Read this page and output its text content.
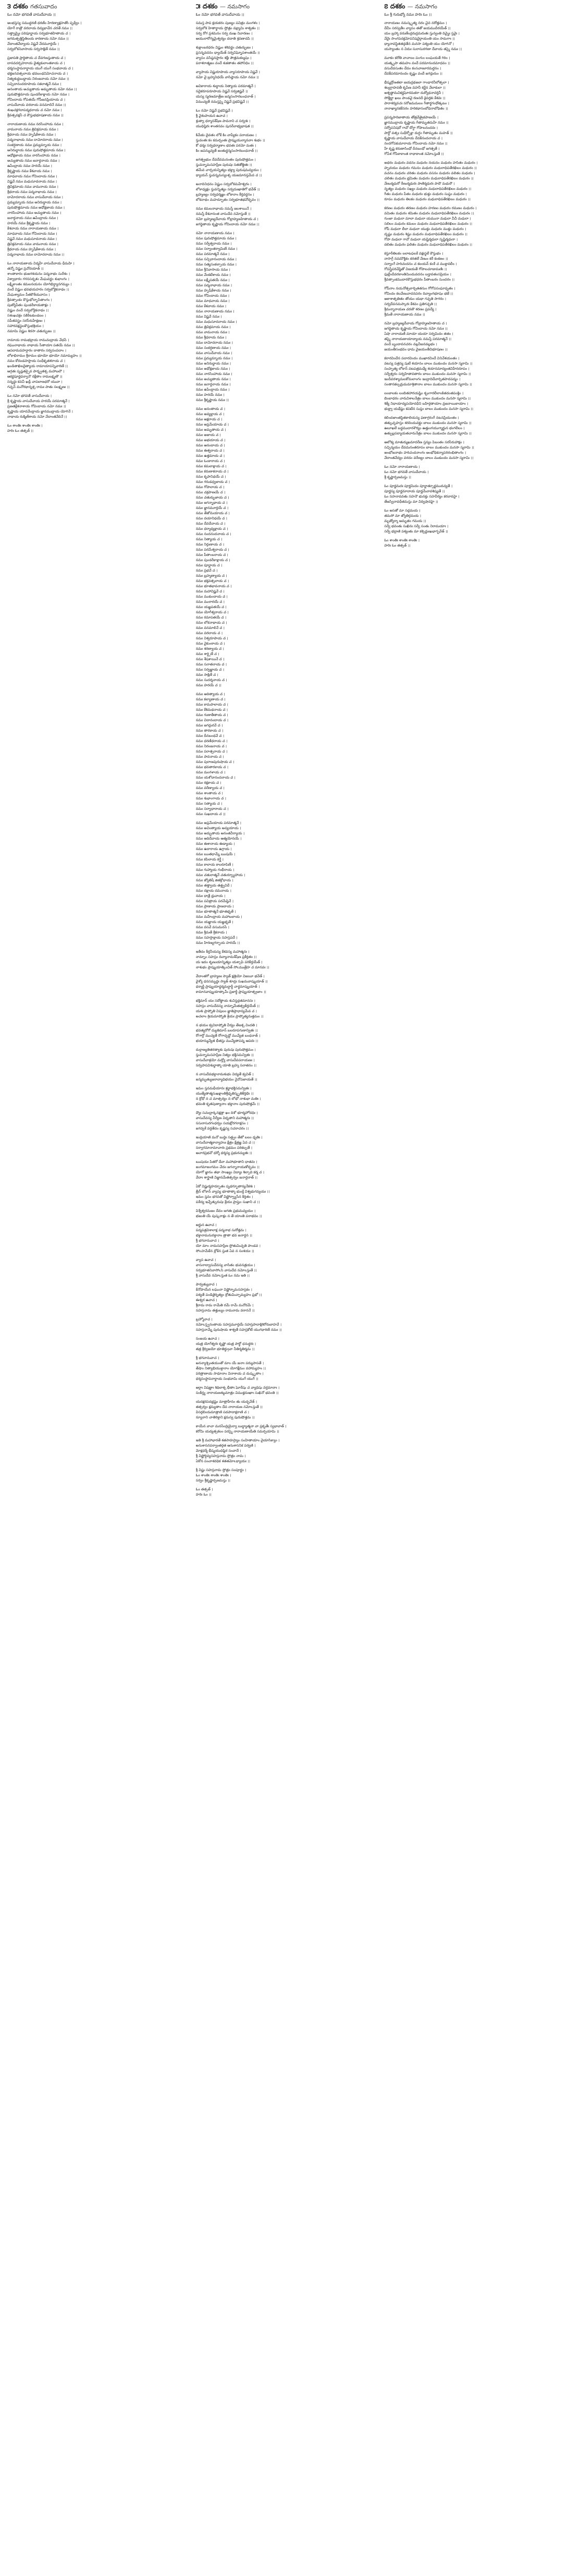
౩ దశకం గతసువాదం
ఓం నమో భగవతే వాసుదేవాయ ।।
అంభస్తస్య సముద్ధరణీ ధరణీం హిరణ్యాక్షహతోం పృథ్వీం ।
యోగే రాత్రౌ వరదాయ దివ్యభావేన చరతే నమః ।।
సత్త్వాద్యైః పరిపూర్ణాయ సర్వభూతహితాయ చ ।
జగదుత్పత్తిస్థితిలయ కారణాయ నమో నమః ।।
వేదాంతవేద్యాయ విష్ణవే వేదమూర్తయే ।
సర్వలోకనివాసాయ సర్వసాక్షిణే నమః ।।
ప్రజాపతి ప్రార్థితాయ చ దేవగణస్తుతాయ చ ।
దానవదర్పహరాయ దైత్యకులాంతకాయ చ ।
ధర్మసంస్థాపనార్థాయ యుగే యుగే సంభవాయ చ ।
భక్తజనవత్సలాయ భవబంధవిమోచనాయ చ ।
నిత్యశుద్ధబుద్ధాయ నిరంజనాయ నమో నమః ।।
సచ్చిదానందరూపాయ సకలాత్మనే నమః ।
అనంతాయ అచ్యుతాయ అమృతాయ నమో నమః ।।
పురుషోత్తమాయ పుండరీకాక్షాయ నమో నమః ।
గోవిందాయ గోపతయే గోపీజనప్రియాయ చ ।
వాసుదేవాయ వరదాయ వనమాలినే నమః ।।
శంఖచక్రగదాపద్మధరాయ చ నమో నమః ।
శ్రీవత్సవక్షసే చ కౌస్తుభభూషణాయ నమః ।।
నారాయణాయ నమః నరసింహాయ నమః ।
వామనాయ నమః త్రివిక్రమాయ నమః ।
శ్రీధరాయ నమః హృషీకేశాయ నమః ।
పద్మనాభాయ నమః దామోదరాయ నమః ।
సంకర్షణాయ నమః ప్రద్యుమ్నాయ నమః ।
అనిరుద్ధాయ నమః పురుషోత్తమాయ నమః ।
అధోక్షజాయ నమః నారసింహాయ నమః ।
అచ్యుతాయ నమః జనార్దనాయ నమః ।
ఉపేంద్రాయ నమః హరయే నమః ।
శ్రీకృష్ణాయ నమః కేశవాయ నమః ।
మాధవాయ నమః గోవిందాయ నమః ।
విష్ణవే నమః మధుసూదనాయ నమః ।
త్రివిక్రమాయ నమః వామనాయ నమః ।
శ్రీధరాయ నమః పద్మనాభాయ నమః ।
దామోదరాయ నమః వాసుదేవాయ నమః ।
ప్రద్యుమ్నాయ నమః అనిరుద్ధాయ నమః ।
పురుషోత్తమాయ నమః అధోక్షజాయ నమః ।
నారసింహాయ నమః అచ్యుతాయ నమః ।
జనార్దనాయ నమః ఉపేంద్రాయ నమః ।
హరయే నమః శ్రీకృష్ణాయ నమః ।
కేశవాయ నమః నారాయణాయ నమః ।
మాధవాయ నమః గోవిందాయ నమః ।
విష్ణవే నమః మధుసూదనాయ నమః ।
త్రివిక్రమాయ నమః వామనాయ నమః ।
శ్రీధరాయ నమః హృషీకేశాయ నమః ।
పద్మనాభాయ నమః దామోదరాయ నమః ।।
ఓం నారాయణాయ విద్మహే వాసుదేవాయ ధీమహి ।
తన్నో విష్ణుః ప్రచోదయాత్ ।।
శాంతాకారం భుజగశయనం పద్మనాభం సురేశం ।
విశ్వాధారం గగనసదృశం మేఘవర్ణం శుభాంగం ।
లక్ష్మీకాంతం కమలనయనం యోగిభిర్ధ్యానగమ్యం ।
వందే విష్ణుం భవభయహరం సర్వలోకైకనాథం ।।
మేఘశ్యామం పీతకౌశేయవాసం ।
శ్రీవత్సాంకం కౌస్తుభోద్భాసితాంగం ।
పుణ్యోపేతం పుండరీకాయతాక్షం ।
విష్ణుం వందే సర్వలోకైకనాథం ।।
సశంఖచక్రం సకిరీటకుండలం ।
సపీతవస్త్రం సరసీరుహేక్షణం ।
సహారవక్షస్థలకౌస్తుభశ్రియం ।
నమామి విష్ణుం శిరసా చతుర్భుజం ।।
రామాయ రామభద్రాయ రామచంద్రాయ వేధసే ।
రఘునాథాయ నాథాయ సీతాయాః పతయే నమః ।।
ఆపదామపహర్తారం దాతారం సర్వసంపదాం ।
లోకాభిరామం శ్రీరామం భూయో భూయో నమామ్యహం ।।
నమః కోదండహస్తాయ సంధీకృతశరాయ చ ।
ఖండితాఖిలదైత్యాయ రామాయాపన్నివారిణే ।।
అగ్రతః పృష్ఠతశ్చైవ పార్శ్వతశ్చ మహాబలౌ ।
ఆకర్ణపూర్ణధన్వానౌ రక్షేతాం రామలక్ష్మణౌ ।।
సన్నద్ధః కవచీ ఖడ్గీ చాపబాణధరో యువా ।
గచ్ఛన్ మనోరథాన్నశ్చ రామః పాతు సలక్ష్మణః ।।
ఓం నమో భగవతే వాసుదేవాయ ।
శ్రీ కృష్ణాయ వాసుదేవాయ హరయే పరమాత్మనే ।
ప్రణతక్లేశనాశాయ గోవిందాయ నమో నమః ।।
కృష్ణాయ యాదవేంద్రాయ జ్ఞానముద్రాయ యోగినే ।
నాథాయ రుక్మిణీశాయ నమో వేదాంతవేదినే ।।
ఓం శాంతిః శాంతిః శాంతిః ।
హరిః ఓం తత్సత్ ।।
౫ దశకం — నమసాగం
ఓం నమో భగవతే వాసుదేవాయ ।।
సమస్త పాప క్షయకరం పుణ్యం పవిత్రం మంగళం ।
సర్వలోక హితార్థాయ స్తోత్రం వక్ష్యామి శాశ్వతం ।।
సర్వ రోగ ప్రశమనం సర్వ దుఃఖ నివారణం ।
ఆయురారోగ్యమైశ్వర్యం దదాతి శ్రవణాదపి ।।
శుక్లాంబరధరం విష్ణుం శశివర్ణం చతుర్భుజం ।
ప్రసన్నవదనం ధ్యాయేత్ సర్వవిఘ్నోపశాంతయే ।।
వ్యాసం వసిష్ఠనప్తారం శక్తేః పౌత్రమకల్మషం ।
పరాశరాత్మజం వందే శుకతాతం తపోనిధిం ।।
వ్యాసాయ విష్ణురూపాయ వ్యాసరూపాయ విష్ణవే ।
నమో వై బ్రహ్మనిధయే వాసిష్ఠాయ నమో నమః ।।
అవికారాయ శుద్ధాయ నిత్యాయ పరమాత్మనే ।
సదైకరూపరూపాయ విష్ణవే సర్వజిష్ణవే ।।
యస్య స్మరణమాత్రేణ జన్మసంసారబంధనాత్ ।
విముచ్యతే నమస్తస్మై విష్ణవే ప్రభవిష్ణవే ।।
ఓం నమో విష్ణవే ప్రభవిష్ణవే ।
శ్రీ వైశంపాయన ఉవాచ ।
శ్రుత్వా ధర్మానశేషేణ పావనాని చ సర్వశః ।
యుధిష్ఠిరః శాంతనవం పునరేవాభ్యభాషత ।।
కిమేకం దైవతం లోకే కిం వాప్యేకం పరాయణం ।
స్తువంతః కం కమర్చంతః ప్రాప్నుయుర్మానవాః శుభం ।।
కో ధర్మః సర్వధర్మాణాం భవతః పరమో మతః ।
కిం జపన్ముచ్యతే జంతుర్జన్మసంసారబంధనాత్ ।।
జగత్ప్రభుం దేవదేవమనంతం పురుషోత్తమం ।
స్తువన్నామసహస్రేణ పురుషః సతతోత్థితః ।।
తమేవ చార్చయన్నిత్యం భక్త్యా పురుషమవ్యయం ।
ధ్యాయన్ స్తువన్నమస్యంశ్చ యజమానస్తమేవ చ ।।
అనాదినిధనం విష్ణుం సర్వలోకమహేశ్వరం ।
లోకాధ్యక్షం స్తువన్నిత్యం సర్వదుఃఖాతిగో భవేత్ ।।
బ్రహ్మణ్యం సర్వధర్మజ్ఞం లోకానాం కీర్తివర్ధనం ।
లోకనాథం మహద్భూతం సర్వభూతభవోద్భవం ।।
నమః కమలనాభాయ నమస్తే జలశాయినే ।
నమస్తే కేశవానంత వాసుదేవ నమోస్తుతే ।।
నమో బ్రహ్మణ్యదేవాయ గోబ్రాహ్మణహితాయ చ ।
జగద్ధితాయ కృష్ణాయ గోవిందాయ నమో నమః ।।
నమో నారాయణాయ నమః ।
నమః పురుషోత్తమాయ నమః ।
నమః సర్వేశ్వరాయ నమః ।
నమః సర్వాంతర్యామిణే నమః ।
నమః పరమాత్మనే నమః ।
నమః సచ్చిదానందాయ నమః ।
నమః సత్యసంకల్పాయ నమః ।
నమః శ్రీనివాసాయ నమః ।
నమః వేంకటేశాయ నమః ।
నమః లక్ష్మీపతయే నమః ।
నమః పద్మనాభాయ నమః ।
నమః హృషీకేశాయ నమః ।
నమః గోవిందాయ నమః ।
నమః మాధవాయ నమః ।
నమః కేశవాయ నమః ।
నమః నారాయణాయ నమః ।
నమః విష్ణవే నమః ।
నమః మధుసూదనాయ నమః ।
నమః త్రివిక్రమాయ నమః ।
నమః వామనాయ నమః ।
నమః శ్రీధరాయ నమః ।
నమః దామోదరాయ నమః ।
నమః సంకర్షణాయ నమః ।
నమః వాసుదేవాయ నమః ।
నమః ప్రద్యుమ్నాయ నమః ।
నమః అనిరుద్ధాయ నమః ।
నమః అధోక్షజాయ నమః ।
నమః నారసింహాయ నమః ।
నమః అచ్యుతాయ నమః ।
నమః జనార్దనాయ నమః ।
నమః ఉపేంద్రాయ నమః ।
నమః హరయే నమః ।
నమః శ్రీకృష్ణాయ నమః ।।
నమః అనంతాయ చ ।
నమః అవ్యక్తాయ చ ।
నమః అక్షరాయ చ ।
నమః అప్రమేయాయ చ ।
నమః అమృతాయ చ ।
నమః అజాయ చ ।
నమః అభయాయ చ ।
నమః ఆనందాయ చ ।
నమః ఈశ్వరాయ చ ।
నమః ఉత్తమాయ చ ।
నమః ఓంకారాయ చ ।
నమః కమలాక్షాయ చ ।
నమః కరుణాకరాయ చ ।
నమః కృపానిధయే చ ।
నమః గరుడధ్వజాయ చ ।
నమః గోపాలాయ చ ।
నమః చక్రపాణయే చ ।
నమః చతుర్భుజాయ చ ।
నమః జగన్నాథాయ చ ।
నమః జ్ఞానమూర్తయే చ ।
నమః తేజోమయాయ చ ।
నమః దయానిధయే చ ।
నమః దేవదేవాయ చ ।
నమః ధర్మాధ్యక్షాయ చ ।
నమః నందనందనాయ చ ।
నమః నిత్యాయ చ ।
నమః నిర్గుణాయ చ ।
నమః పరమేశ్వరాయ చ ।
నమః పీతాంబరాయ చ ।
నమః పుండరీకాక్షాయ చ ।
నమః పూర్ణాయ చ ।
నమః ప్రభవే చ ।
నమః బ్రహ్మణ్యాయ చ ।
నమః భక్తవత్సలాయ చ ।
నమః భూతభావనాయ చ ।
నమః మహావిష్ణవే చ ।
నమః ముకుందాయ చ ।
నమః మురారయే చ ।
నమః యజ్ఞపతయే చ ।
నమః యోగీశ్వరాయ చ ।
నమః రమాపతయే చ ।
నమః లోకనాథాయ చ ।
నమః వనమాలినే చ ।
నమః వరదాయ చ ।
నమః విశ్వరూపాయ చ ।
నమః వైకుంఠాయ చ ।
నమః శరణ్యాయ చ ।
నమః శార్ఙ్గిణే చ ।
నమః శేషశాయినే చ ।
నమః సనాతనాయ చ ।
నమః సర్వజ్ఞాయ చ ।
నమః సాక్షిణే చ ।
నమః సుదర్శనాయ చ ।
నమః హరయే చ ।।
నమః ఆదిత్యాయ చ ।
నమః కల్యాణాయ చ ।
నమః కామపాలాయ చ ।
నమః కేశిమథనాయ చ ।
నమః గుణాతీతాయ చ ।
నమః చిదానందాయ చ ।
నమః జగద్గురవే చ ।
నమః తారకాయ చ ।
నమః దీనబంధవే చ ।
నమః ధరణీధరాయ చ ।
నమః నిరంజనాయ చ ।
నమః పరాత్పరాయ చ ।
నమః పావనాయ చ ।
నమః పురాణపురుషాయ చ ।
నమః భవతారకాయ చ ।
నమః మంగళాయ చ ।
నమః యశోదానందనాయ చ ।
నమః రక్షకాయ చ ।
నమః వరేణ్యాయ చ ।
నమః శాంతాయ చ ।
నమః శుభాంగాయ చ ।
నమః సత్యాయ చ ।
నమః సర్వాధారాయ చ ।
నమః సుఖదాయ చ ।।
నమః అప్రమేయాయ పరమాత్మనే ।
నమః అచింత్యాయ అవ్యయాయ ।
నమః అద్భుతాయ అనంతవీర్యాయ ।
నమః ఆదిదేవాయ ఆత్మయోనయే ।
నమః ఈశానాయ ఈడ్యాయ ।
నమః ఉదారాయ ఉగ్రాయ ।
నమః ఋతధామ్నే ఋషయే ।
నమః కపిలాయ కర్త్రే ।
నమః కాలాయ కాలరూపిణే ।
నమః గుహ్యాయ గంభీరాయ ।
నమః చతురాత్మనే చతుర్వ్యూహాయ ।
నమః జ్యోతిషే జితక్రోధాయ ।
నమః తత్త్వాయ తత్త్వవిదే ।
నమః దక్షాయ దమనాయ ।
నమః ధాత్రే ధ్రువాయ ।
నమః పవిత్రాయ పరమేష్ఠినే ।
నమః ప్రాణాయ ప్రాణదాయ ।
నమః భూతాత్మనే భూతభృతే ।
నమః మహేంద్రాయ మహాబలాయ ।
నమః యజ్ఞాయ యజ్ఞభృతే ।
నమః వసవే వసుమనసే ।
నమః శ్రీమతే శ్రీకరాయ ।
నమః సహస్రాక్షాయ సహస్రపదే ।
నమః హిరణ్యగర్భాయ హరయే ।।
ఇతీదం కీర్తనీయస్య కేశవస్య మహాత్మనః ।
నామ్నాం సహస్రం దివ్యానామశేషేణ ప్రకీర్తితం ।।
య ఇదం శృణుయాన్నిత్యం యశ్చాపి పరికీర్తయేత్ ।
నాశుభం ప్రాప్నుయాత్కించిత్ సోఽముత్రేహ చ మానవః ।।
వేదాంతగో బ్రాహ్మణః స్యాత్ క్షత్రియో విజయీ భవేత్ ।
వైశ్యో ధనసమృద్ధః స్యాత్ శూద్రః సుఖమవాప్నుయాత్ ।।
ధర్మార్థీ ప్రాప్నుయాద్ధర్మమర్థార్థీ చార్థమాప్నుయాత్ ।
కామానవాప్నుయాత్కామీ ప్రజార్థీ ప్రాప్నుయాత్ప్రజాం ।।
భక్తిమాన్ యః సదోత్థాయ శుచిస్తద్గతమానసః ।
సహస్రం వాసుదేవస్య నామ్నామేతత్ప్రకీర్తయేత్ ।।
యశః ప్రాప్నోతి విపులం జ్ఞాతిప్రాధాన్యమేవ చ ।
అచలాం శ్రియమాప్నోతి శ్రేయః ప్రాప్నోత్యనుత్తమం ।।
న భయం క్వచిదాప్నోతి వీర్యం తేజశ్చ విందతి ।
భవత్యరోగో ద్యుతిమాన్ బలరూపగుణాన్వితః ।।
రోగార్తో ముచ్యతే రోగాద్బద్ధో ముచ్యేత బంధనాత్ ।
భయాన్ముచ్యేత భీతస్తు ముచ్యేతాపన్న ఆపదః ।।
దుర్గాణ్యతితరత్యాశు పురుషః పురుషోత్తమం ।
స్తువన్నామసహస్రేణ నిత్యం భక్తిసమన్వితః ।।
వాసుదేవాశ్రయో మర్త్యో వాసుదేవపరాయణః ।
సర్వపాపవిశుద్ధాత్మా యాతి బ్రహ్మ సనాతనం ।।
న వాసుదేవభక్తానామశుభం విద్యతే క్వచిత్ ।
జన్మమృత్యుజరావ్యాధిభయం నైవోపజాయతే ।।
ఇమం స్తవమధీయానః శ్రద్ధాభక్తిసమన్వితః ।
యుజ్యేతాత్మసుఖక్షాంతిశ్రీధృతిస్మృతికీర్తిభిః ।।
న క్రోధో న చ మాత్సర్యం న లోభో నాశుభా మతిః ।
భవంతి కృతపుణ్యానాం భక్తానాం పురుషోత్తమే ।।
ద్యౌః సచంద్రార్కనక్షత్రా ఖం దిశో భూర్మహోదధిః ।
వాసుదేవస్య వీర్యేణ విధృతాని మహాత్మనః ।।
ససురాసురగంధర్వం సయక్షోరగరాక్షసం ।
జగద్వశే వర్తతేదం కృష్ణస్య సచరాచరం ।।
ఇంద్రియాణి మనో బుద్ధిః సత్త్వం తేజో బలం ధృతిః ।
వాసుదేవాత్మకాన్యాహుః క్షేత్రం క్షేత్రజ్ఞ ఏవ చ ।।
సర్వాగమానామాచారః ప్రథమం పరికల్పతే ।
ఆచారప్రభవో ధర్మో ధర్మస్య ప్రభురచ్యుతః ।।
ఋషయః పితరో దేవా మహాభూతాని ధాతవః ।
జంగమాజంగమం చేదం జగన్నారాయణోద్భవం ।।
యోగో జ్ఞానం తథా సాంఖ్యం విద్యాః శిల్పాది కర్మ చ ।
వేదాః శాస్త్రాణి విజ్ఞానమేతత్సర్వం జనార్దనాత్ ।।
ఏకో విష్ణుర్మహద్భూతం పృథగ్భూతాన్యనేకశః ।
త్రీన్ లోకాన్ వ్యాప్య భూతాత్మా భుంక్తే విశ్వభుగవ్యయః ।।
ఇమం స్తవం భగవతో విష్ణోర్వ్యాసేన కీర్తితం ।
పఠేద్య ఇచ్ఛేత్పురుషః శ్రేయః ప్రాప్తుం సుఖాని చ ।।
విశ్వేశ్వరమజం దేవం జగతః ప్రభుమవ్యయం ।
భజంతి యే పుష్కరాక్షం న తే యాంతి పరాభవం ।।
అర్జున ఉవాచ ।
పద్మపత్రవిశాలాక్ష పద్మనాభ సురోత్తమ ।
భక్తానామనురక్తానాం త్రాతా భవ జనార్దన ।।
శ్రీ భగవానువాచ ।
యో మాం నామసహస్రేణ స్తోతుమిచ్ఛతి పాండవ ।
సోఽహమేకేన శ్లోకేన స్తుత ఏవ న సంశయః ।।
వ్యాస ఉవాచ ।
వాసనాద్వాసుదేవస్య వాసితం భువనత్రయం ।
సర్వభూతనివాసోఽసి వాసుదేవ నమోఽస్తుతే ।।
శ్రీ వాసుదేవ నమోఽస్తుత ఓం నమ ఇతి ।।
పార్వత్యువాచ ।
కేనోపాయేన లఘునా విష్ణోర్నామసహస్రకం ।
పఠ్యతే పండితైర్నిత్యం శ్రోతుమిచ్ఛామ్యహం ప్రభో ।।
ఈశ్వర ఉవాచ ।
శ్రీరామ రామ రామేతి రమే రామే మనోరమే ।
సహస్రనామ తత్తుల్యం రామనామ వరాననే ।।
బ్రహ్మోవాచ ।
నమోఽస్త్వనంతాయ సహస్రమూర్తయే సహస్రపాదాక్షిశిరోరుబాహవే ।
సహస్రనామ్నే పురుషాయ శాశ్వతే సహస్రకోటీ యుగధారిణే నమః ।।
సంజయ ఉవాచ ।
యత్ర యోగేశ్వరః కృష్ణో యత్ర పార్థో ధనుర్ధరః ।
తత్ర శ్రీర్విజయో భూతిర్ధ్రువా నీతిర్మతిర్మమ ।।
శ్రీ భగవానువాచ ।
అనన్యాశ్చింతయంతో మాం యే జనాః పర్యుపాసతే ।
తేషాం నిత్యాభియుక్తానాం యోగక్షేమం వహామ్యహం ।।
పరిత్రాణాయ సాధూనాం వినాశాయ చ దుష్కృతాం ।
ధర్మసంస్థాపనార్థాయ సంభవామి యుగే యుగే ।।
ఆర్తాః విషణ్ణాః శిథిలాశ్చ భీతాః ఘోరేషు చ వ్యాధిషు వర్తమానాః ।
సంకీర్త్య నారాయణశబ్దమాత్రం విముక్తదుఃఖాః సుఖినో భవంతి ।।
యదక్షరపదభ్రష్టం మాత్రాహీనం తు యద్భవేత్ ।
తత్సర్వం క్షమ్యతాం దేవ నారాయణ నమోఽస్తుతే ।।
విసర్గబిందుమాత్రాణి పదపాదాక్షరాణి చ ।
న్యూనాని చాతిరిక్తాని క్షమస్వ పురుషోత్తమ ।।
కాయేన వాచా మనసేంద్రియైర్వా బుద్ధ్యాత్మనా వా ప్రకృతేః స్వభావాత్ ।
కరోమి యద్యత్సకలం పరస్మై నారాయణాయేతి సమర్పయామి ।।
ఇతి శ్రీ మహాభారతే శతసాహస్ర్యాం సంహితాయాం వైయాసిక్యాం ।
అనుశాసనపర్వాంతర్గత ఆనుశాసనిక పర్వణి ।
మోక్షధర్మే భీష్మయుధిష్ఠిర సంవాదే ।
శ్రీ విష్ణోర్దివ్యసహస్రనామ స్తోత్రం నామ ।
ఏకోన పంచాశదధిక శతతమోఽధ్యాయః ।।
శ్రీ విష్ణు సహస్రనామ స్తోత్రం సంపూర్ణం ।
ఓం శాంతిః శాంతిః శాంతిః ।
సర్వం శ్రీకృష్ణార్పణమస్తు ।।
ఓం తత్సత్ ।
హరిః ఓం ।।
౭ దశకం — నమసాగం
ఓం శ్రీ గురుభ్యో నమః హరిః ఓం ।।
నారాయణం నమస్కృత్య నరం చైవ నరోత్తమం ।
దేవీం సరస్వతీం వ్యాసం తతో జయముదీరయేత్ ।।
యం బ్రహ్మా వరుణేంద్రరుద్రమరుతః స్తున్వంతి దివ్యైః స్తవైః ।
వేదైః సాంగపదక్రమోపనిషదైర్గాయంతి యం సామగాః ।।
ధ్యానావస్థితతద్గతేన మనసా పశ్యంతి యం యోగినో ।
యస్యాంతం న విదుః సురాసురగణా దేవాయ తస్మై నమః ।।
మూకం కరోతి వాచాలం పంగుం లంఘయతే గిరిం ।
యత్కృపా తమహం వందే పరమానందమాధవం ।।
వసుదేవసుతం దేవం కంసచాణూరమర్దనం ।
దేవకీపరమానందం కృష్ణం వందే జగద్గురుం ।।
భీష్మద్రోణతటా జయద్రథజలా గాంధారనీలోత్పలా ।
శల్యగ్రాహవతీ కృపేణ వహనీ కర్ణేన వేలాకులా ।।
అశ్వత్థామవికర్ణఘోరమకరా దుర్యోధనావర్తినీ ।
సోత్తీర్ణా ఖలు పాండవై రణనదీ కైవర్తకః కేశవః ।।
పారాశర్యవచః సరోజమమలం గీతార్థగంధోత్కటం ।
నానాఖ్యానకకేసరం హరికథాసంబోధనాబోధితం ।।
ప్రపన్నపారిజాతాయ తోత్రవేత్రైకపాణయే ।
జ్ఞానముద్రాయ కృష్ణాయ గీతామృతదుహే నమః ।।
సర్వోపనిషదో గావో దోగ్ధా గోపాలనందనః ।
పార్థో వత్సః సుధీర్భోక్తా దుగ్ధం గీతామృతం మహత్ ।।
కృష్ణాయ వాసుదేవాయ దేవకీనందనాయ చ ।
నందగోపకుమారాయ గోవిందాయ నమో నమః ।।
హే కృష్ణ కరుణాసింధో దీనబంధో జగత్పతే ।
గోపేశ గోపికాకాంత రాధాకాంత నమోఽస్తుతే ।।
అధరం మధురం వదనం మధురం నయనం మధురం హసితం మధురం ।
హృదయం మధురం గమనం మధురం మధురాధిపతేరఖిలం మధురం ।।
వచనం మధురం చరితం మధురం వసనం మధురం వలితం మధురం ।
చలితం మధురం భ్రమితం మధురం మధురాధిపతేరఖిలం మధురం ।।
వేణుర్మధురో రేణుర్మధురః పాణిర్మధురః పాదౌ మధురౌ ।
నృత్యం మధురం సఖ్యం మధురం మధురాధిపతేరఖిలం మధురం ।।
గీతం మధురం పీతం మధురం భుక్తం మధురం సుప్తం మధురం ।
రూపం మధురం తిలకం మధురం మధురాధిపతేరఖిలం మధురం ।।
కరణం మధురం తరణం మధురం హరణం మధురం రమణం మధురం ।
వమితం మధురం శమితం మధురం మధురాధిపతేరఖిలం మధురం ।।
గుంజా మధురా మాలా మధురా యమునా మధురా వీచీ మధురా ।
సలిలం మధురం కమలం మధురం మధురాధిపతేరఖిలం మధురం ।।
గోపీ మధురా లీలా మధురా యుక్తం మధురం ముక్తం మధురం ।
దృష్టం మధురం శిష్టం మధురం మధురాధిపతేరఖిలం మధురం ।।
గోపా మధురా గావో మధురా యష్టిర్మధురా సృష్టిర్మధురా ।
దలితం మధురం ఫలితం మధురం మధురాధిపతేరఖిలం మధురం ।।
కస్తూరీతిలకం లలాటఫలకే వక్షఃస్థలే కౌస్తుభం ।
నాసాగ్రే నవమౌక్తికం కరతలే వేణుం కరే కంకణం ।।
సర్వాంగే హరిచందనం చ కలయన్ కంఠే చ ముక్తావలీం ।
గోపస్త్రీపరివేష్టితో విజయతే గోపాలచూడామణిః ।।
ఫుల్లేందీవరకాంతిమిందువదనం బర్హావతంసప్రియం ।
శ్రీవత్సాంకముదారకౌస్తుభధరం పీతాంబరం సుందరం ।।
గోపీనాం నయనోత్పలార్చితతనుం గోగోపసంఘావృతం ।
గోవిందం కలవేణువాదనపరం దివ్యాంగభూషం భజే ।।
ఆకాశాత్పతితం తోయం యథా గచ్ఛతి సాగరం ।
సర్వదేవనమస్కారః కేశవం ప్రతిగచ్ఛతి ।।
శ్రీమన్నారాయణ చరణౌ శరణం ప్రపద్యే ।
శ్రీమతే నారాయణాయ నమః ।।
నమో బ్రహ్మణ్యదేవాయ గోబ్రాహ్మణహితాయ చ ।
జగద్ధితాయ కృష్ణాయ గోవిందాయ నమో నమః ।।
ఏషా నారాయణీ మాయా యయా సర్వమిదం తతం ।
తస్మై నారాయణాయాద్యాయ నమస్తే పరమాత్మనే ।।
వందే బృందావనచరం వల్లవీజనవల్లభం ।
జయంతీసంభవం ధామ వైజయంతీవిభూషణం ।।
కరారవిందేన పదారవిందం ముఖారవిందే వినివేశయంతం ।
వటస్య పత్రస్య పుటే శయానం బాలం ముకుందం మనసా స్మరామి ।।
సంహృత్య లోకాన్ వటపత్రమధ్యే శయానమాద్యంతవిహీనరూపం ।
సర్వేశ్వరం సర్వహితావతారం బాలం ముకుందం మనసా స్మరామి ।।
ఇందీవరశ్యామలకోమలాంగం ఇంద్రాదిదేవార్చితపాదపద్మం ।
సంతానకల్పద్రుమమాశ్రితానాం బాలం ముకుందం మనసా స్మరామి ।।
లంబాలకం లంబితహారయష్టిం శృంగారలీలాంకితదంతపంక్తిం ।
బింబాధరం చారువిశాలనేత్రం బాలం ముకుందం మనసా స్మరామి ।।
శిక్యే నిధాయాద్యపయోదధీని బహిర్గతాయాం వ్రజనాయికాయాం ।
భుక్త్వా యథేష్టం కపటేన సుప్తం బాలం ముకుందం మనసా స్మరామి ।।
కలిందజాంతస్థితకాలియస్య ఫణాగ్రరంగే నటనప్రియంతం ।
తత్పుచ్ఛహస్తం శరదిందువక్త్రం బాలం ముకుందం మనసా స్మరామి ।।
ఉలూఖలే బద్ధముదారశౌర్యం ఉత్తుంగయుగ్మార్జున భంగలీలం ।
ఉత్ఫుల్లపద్మాయతచారునేత్రం బాలం ముకుందం మనసా స్మరామి ।।
ఆలోక్య మాతుర్ముఖమాదరేణ స్తన్యం పిబంతం సరసీరుహాక్షం ।
సచ్చిన్మయం దేవమనంతరూపం బాలం ముకుందం మనసా స్మరామి ।।
అంభోజనాభం హరిచందనాంగం అంభోధికన్యాపరిరంభితాంగం ।
వేదాంతవేద్యం వరదం వరేణ్యం బాలం ముకుందం మనసా స్మరామి ।।
ఓం నమో నారాయణాయ ।
ఓం నమో భగవతే వాసుదేవాయ ।
శ్రీ కృష్ణార్పణమస్తు ।।
ఓం పూర్ణమదః పూర్ణమిదం పూర్ణాత్పూర్ణముదచ్యతే ।
పూర్ణస్య పూర్ణమాదాయ పూర్ణమేవావశిష్యతే ।।
ఓం సహనావవతు సహనౌ భునక్తు సహవీర్యం కరవావహై ।
తేజస్వినావధీతమస్తు మా విద్విషావహై ।।
ఓం అసతో మా సద్గమయ ।
తమసో మా జ్యోతిర్గమయ ।
మృత్యోర్మా అమృతం గమయ ।।
సర్వే భవంతు సుఖినః సర్వే సంతు నిరామయాః ।
సర్వే భద్రాణి పశ్యంతు మా కశ్చిద్దుఃఖభాగ్భవేత్ ।।
ఓం శాంతిః శాంతిః శాంతిః ।
హరిః ఓం తత్సత్ ।।
